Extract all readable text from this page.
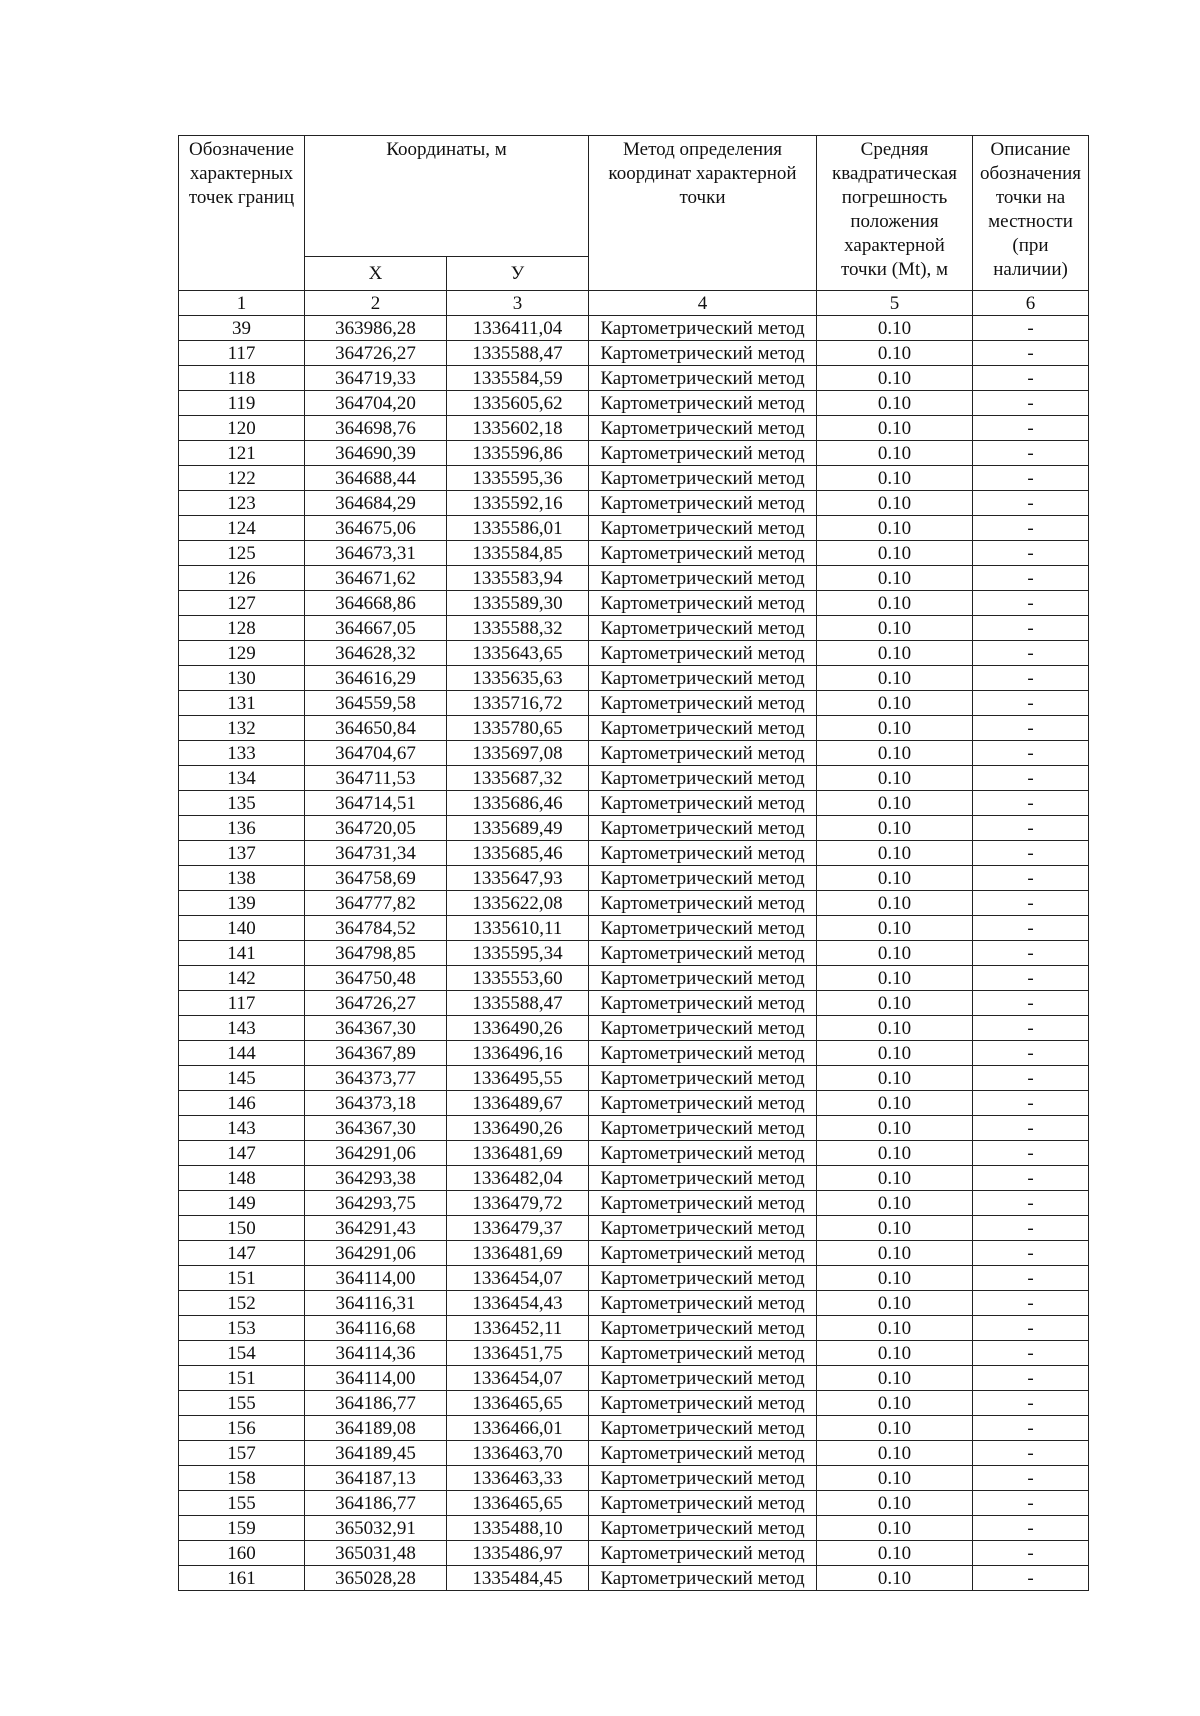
Обозначение характерных точек границ	Координаты, м		Метод определения координат характерной точки	Средняя квадратическая погрешность положения характерной точки (Мt), м	Описание обозначения точки на местности (при наличии)
	X	У			
1	2	3	4	5	6
39	363986,28	1336411,04	Картометрический метод	0.10	-
117	364726,27	1335588,47	Картометрический метод	0.10	-
118	364719,33	1335584,59	Картометрический метод	0.10	-
119	364704,20	1335605,62	Картометрический метод	0.10	-
120	364698,76	1335602,18	Картометрический метод	0.10	-
121	364690,39	1335596,86	Картометрический метод	0.10	-
122	364688,44	1335595,36	Картометрический метод	0.10	-
123	364684,29	1335592,16	Картометрический метод	0.10	-
124	364675,06	1335586,01	Картометрический метод	0.10	-
125	364673,31	1335584,85	Картометрический метод	0.10	-
126	364671,62	1335583,94	Картометрический метод	0.10	-
127	364668,86	1335589,30	Картометрический метод	0.10	-
128	364667,05	1335588,32	Картометрический метод	0.10	-
129	364628,32	1335643,65	Картометрический метод	0.10	-
130	364616,29	1335635,63	Картометрический метод	0.10	-
131	364559,58	1335716,72	Картометрический метод	0.10	-
132	364650,84	1335780,65	Картометрический метод	0.10	-
133	364704,67	1335697,08	Картометрический метод	0.10	-
134	364711,53	1335687,32	Картометрический метод	0.10	-
135	364714,51	1335686,46	Картометрический метод	0.10	-
136	364720,05	1335689,49	Картометрический метод	0.10	-
137	364731,34	1335685,46	Картометрический метод	0.10	-
138	364758,69	1335647,93	Картометрический метод	0.10	-
139	364777,82	1335622,08	Картометрический метод	0.10	-
140	364784,52	1335610,11	Картометрический метод	0.10	-
141	364798,85	1335595,34	Картометрический метод	0.10	-
142	364750,48	1335553,60	Картометрический метод	0.10	-
117	364726,27	1335588,47	Картометрический метод	0.10	-
143	364367,30	1336490,26	Картометрический метод	0.10	-
144	364367,89	1336496,16	Картометрический метод	0.10	-
145	364373,77	1336495,55	Картометрический метод	0.10	-
146	364373,18	1336489,67	Картометрический метод	0.10	-
143	364367,30	1336490,26	Картометрический метод	0.10	-
147	364291,06	1336481,69	Картометрический метод	0.10	-
148	364293,38	1336482,04	Картометрический метод	0.10	-
149	364293,75	1336479,72	Картометрический метод	0.10	-
150	364291,43	1336479,37	Картометрический метод	0.10	-
147	364291,06	1336481,69	Картометрический метод	0.10	-
151	364114,00	1336454,07	Картометрический метод	0.10	-
152	364116,31	1336454,43	Картометрический метод	0.10	-
153	364116,68	1336452,11	Картометрический метод	0.10	-
154	364114,36	1336451,75	Картометрический метод	0.10	-
151	364114,00	1336454,07	Картометрический метод	0.10	-
155	364186,77	1336465,65	Картометрический метод	0.10	-
156	364189,08	1336466,01	Картометрический метод	0.10	-
157	364189,45	1336463,70	Картометрический метод	0.10	-
158	364187,13	1336463,33	Картометрический метод	0.10	-
155	364186,77	1336465,65	Картометрический метод	0.10	-
159	365032,91	1335488,10	Картометрический метод	0.10	-
160	365031,48	1335486,97	Картометрический метод	0.10	-
161	365028,28	1335484,45	Картометрический метод	0.10	-
